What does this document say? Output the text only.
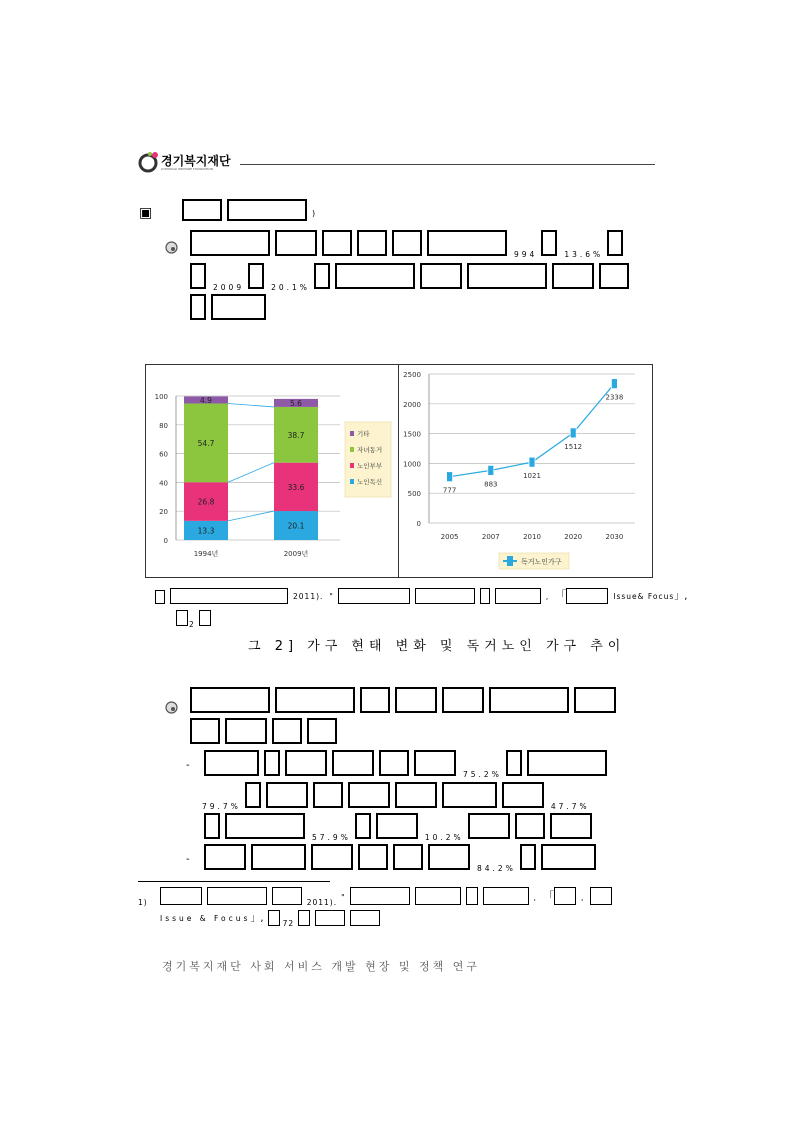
경기복지재단
GYEONGGI WELFARE FOUNDATION
▣	)
$_{994}$	$_{13.6\%}$
$_{2009}$	$_{20.1\%}$
0
20
40
60
80
100
13.3
26.8
54.7
4.9
1994년
20.1
33.6
38.7
5.6
2009년
기타
자녀동거
노인부부
노인독신
0
500
1000
1500
2000
2500
777
2005
883
2007
1021
2010
1512
2020
2338
2030
독거노인가구
2011). "	, 「	Issue& Focus」,
$_2$
그 2] 가구 현태 변화 및 독거노인 가구 추이
-
$_{75.2\%}$
$_{79.7\%}$	$_{47.7\%}$
$_{57.9\%}$	$_{10.2\%}$
-
$_{84.2\%}$
$_{1)}$	$_{2011).}$"	, 「	,
Issue & Focus」,	$_{72}$
경기복지재단 사회 서비스 개발 현장 및 정책 연구
